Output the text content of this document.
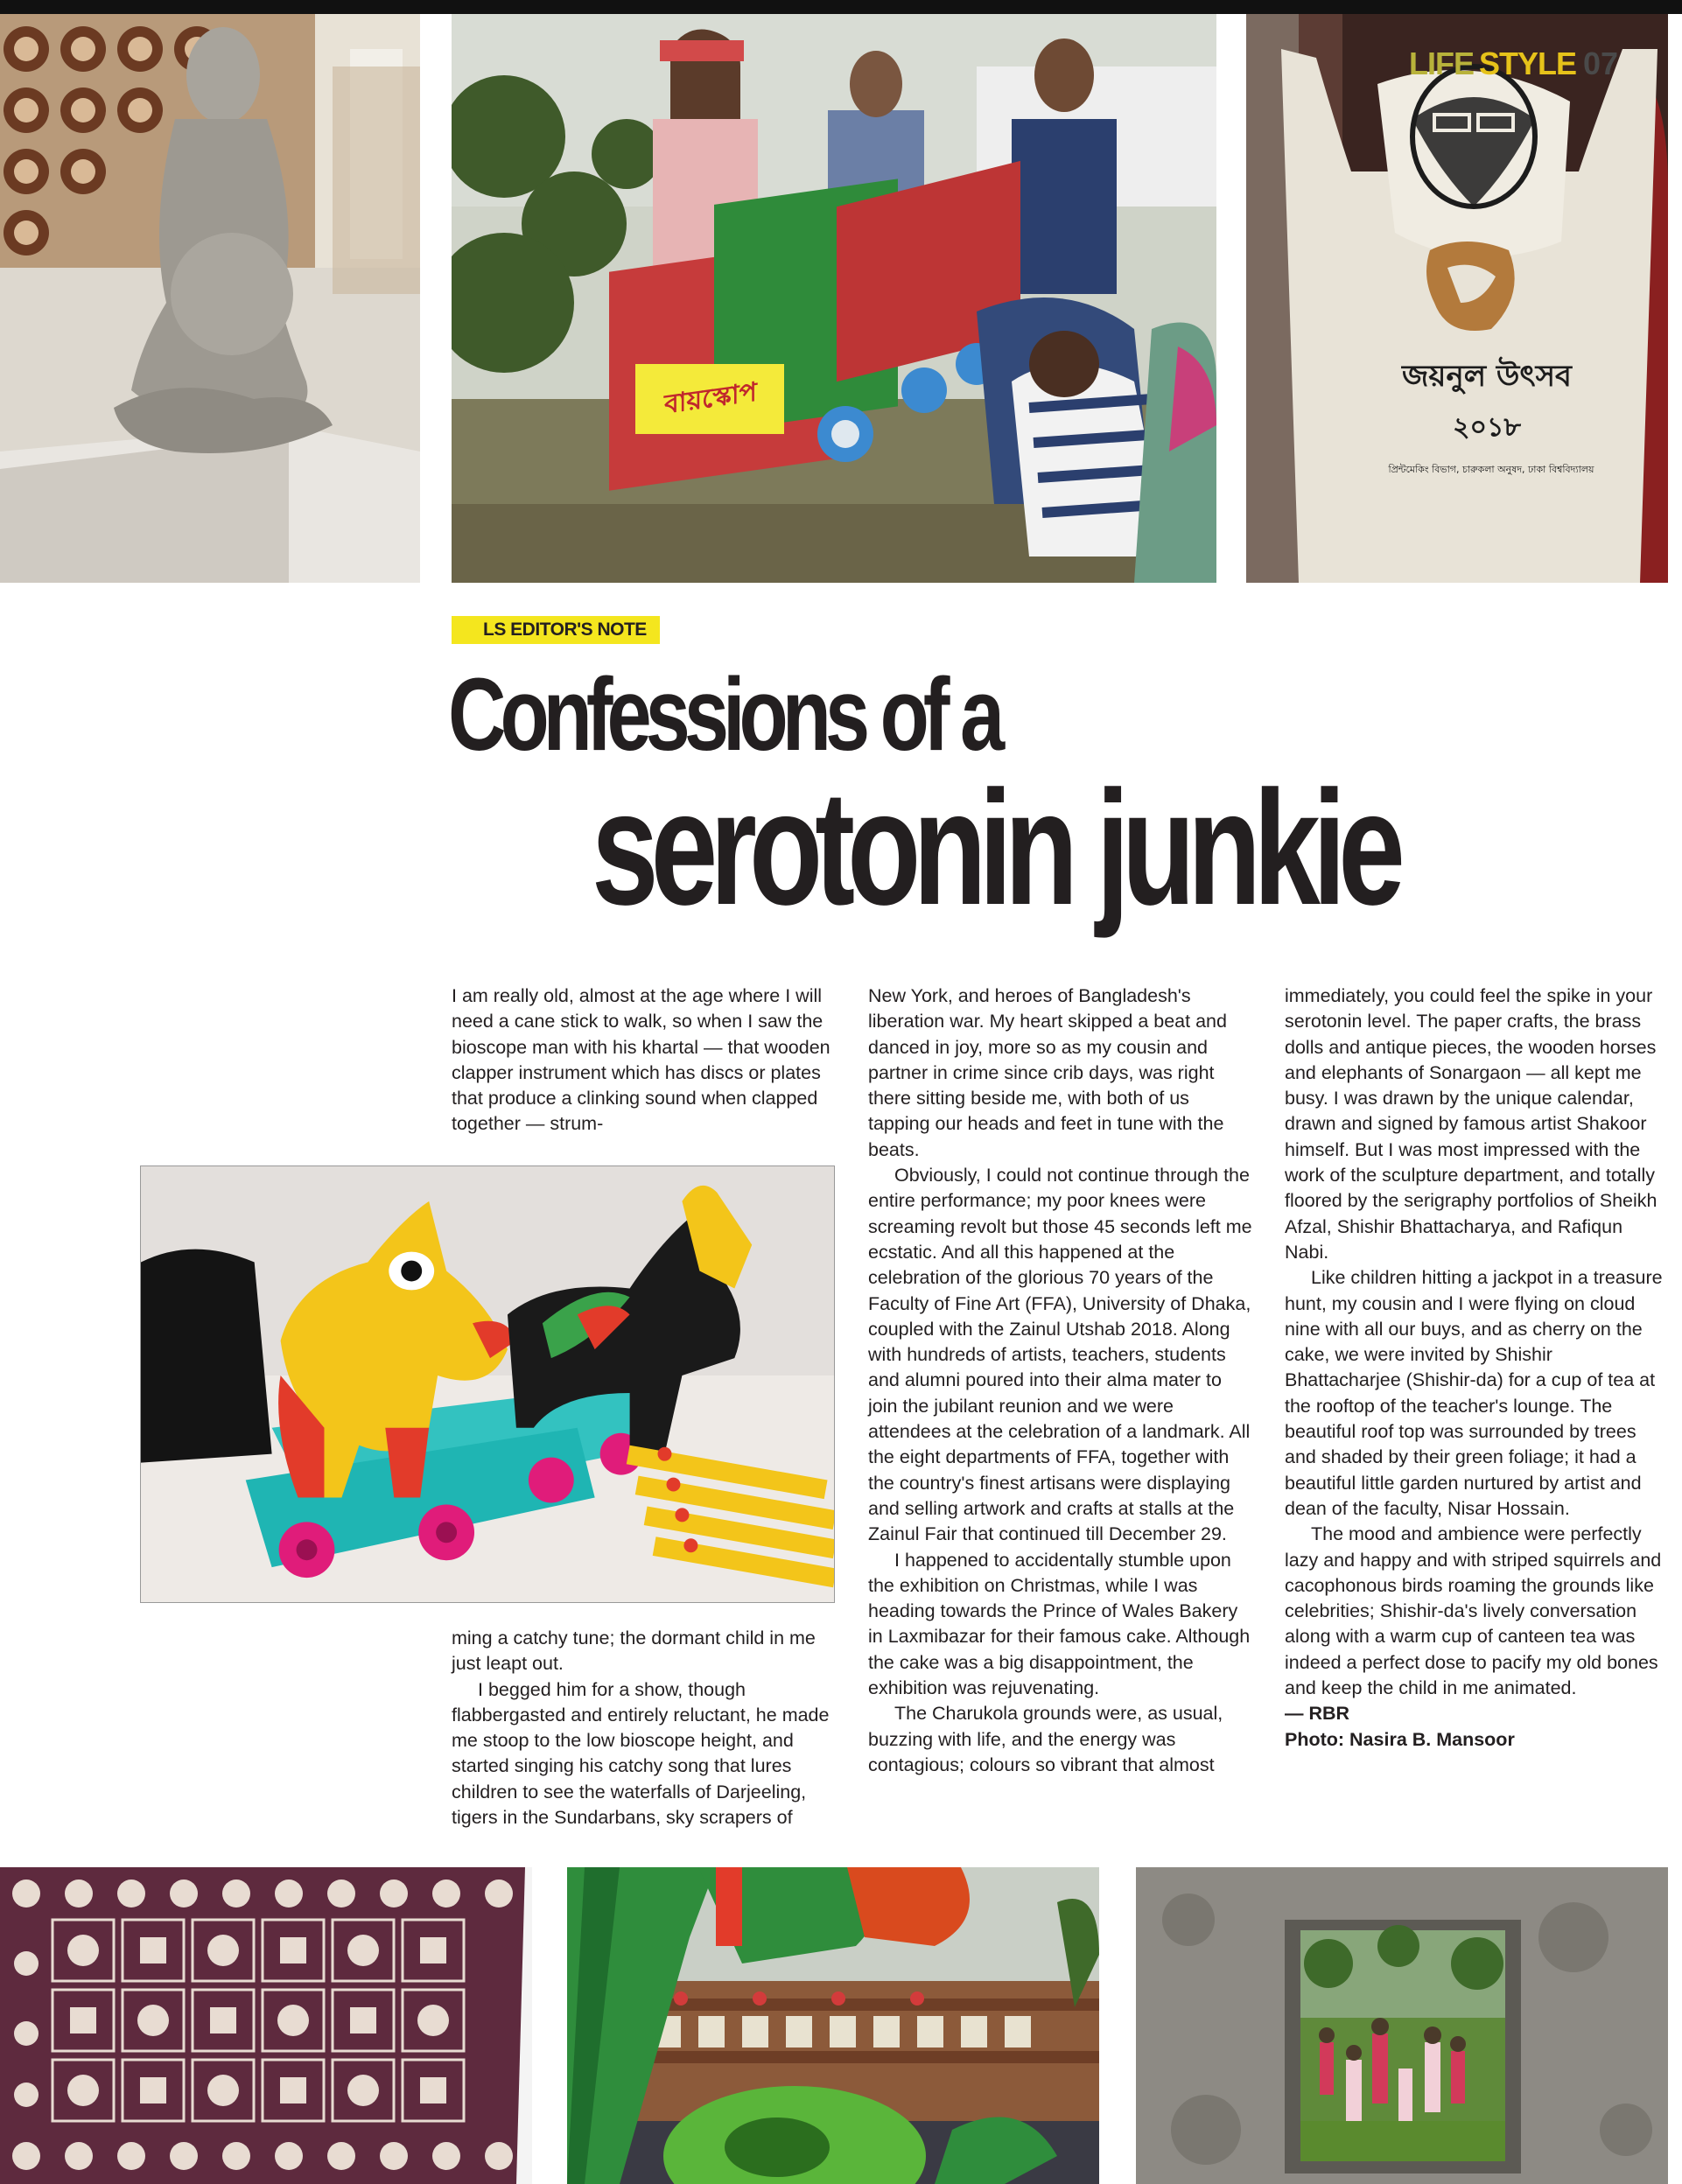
বায়স্কোপ
জয়নুল উৎসব
২০১৮
প্রিন্টমেকিং বিভাগ, চারুকলা অনুষদ, ঢাকা বিশ্ববিদ্যালয়
LIFE STYLE 07
LS EDITOR'S NOTE
Confessions of a
serotonin junkie

I am really old, almost at the age where I will need a cane stick to walk, so when I saw the bioscope man with his khartal — that wooden clapper instrument which has discs or plates that produce a clinking sound when clapped together — strum-

ming a catchy tune; the dormant child in me just leapt out.

I begged him for a show, though flabbergasted and entirely reluctant, he made me stoop to the low bioscope height, and started singing his catchy song that lures children to see the waterfalls of Darjeeling, tigers in the Sundarbans, sky scrapers of

New York, and heroes of Bangladesh's liberation war. My heart skipped a beat and danced in joy, more so as my cousin and partner in crime since crib days, was right there sitting beside me, with both of us tapping our heads and feet in tune with the beats.

Obviously, I could not continue through the entire performance; my poor knees were screaming revolt but those 45 seconds left me ecstatic. And all this happened at the celebration of the glorious 70 years of the Faculty of Fine Art (FFA), University of Dhaka, coupled with the Zainul Utshab 2018. Along with hundreds of artists, teachers, students and alumni poured into their alma mater to join the jubilant reunion and we were attendees at the celebration of a landmark. All the eight departments of FFA, together with the country's finest artisans were displaying and selling artwork and crafts at stalls at the Zainul Fair that continued till December 29.

I happened to accidentally stumble upon the exhibition on Christmas, while I was heading towards the Prince of Wales Bakery in Laxmibazar for their famous cake. Although the cake was a big disappointment, the exhibition was rejuvenating.

The Charukola grounds were, as usual, buzzing with life, and the energy was contagious; colours so vibrant that almost

immediately, you could feel the spike in your serotonin level. The paper crafts, the brass dolls and antique pieces, the wooden horses and elephants of Sonargaon — all kept me busy. I was drawn by the unique calendar, drawn and signed by famous artist Shakoor himself. But I was most impressed with the work of the sculpture department, and totally floored by the serigraphy portfolios of Sheikh Afzal, Shishir Bhattacharya, and Rafiqun Nabi.

Like children hitting a jackpot in a treasure hunt, my cousin and I were flying on cloud nine with all our buys, and as cherry on the cake, we were invited by Shishir Bhattacharjee (Shishir-da) for a cup of tea at the rooftop of the teacher's lounge. The beautiful roof top was surrounded by trees and shaded by their green foliage; it had a beautiful little garden nurtured by artist and dean of the faculty, Nisar Hossain.

The mood and ambience were perfectly lazy and happy and with striped squirrels and cacophonous birds roaming the grounds like celebrities; Shishir-da's lively conversation along with a warm cup of canteen tea was indeed a perfect dose to pacify my old bones and keep the child in me animated.

— RBR

Photo: Nasira B. Mansoor
